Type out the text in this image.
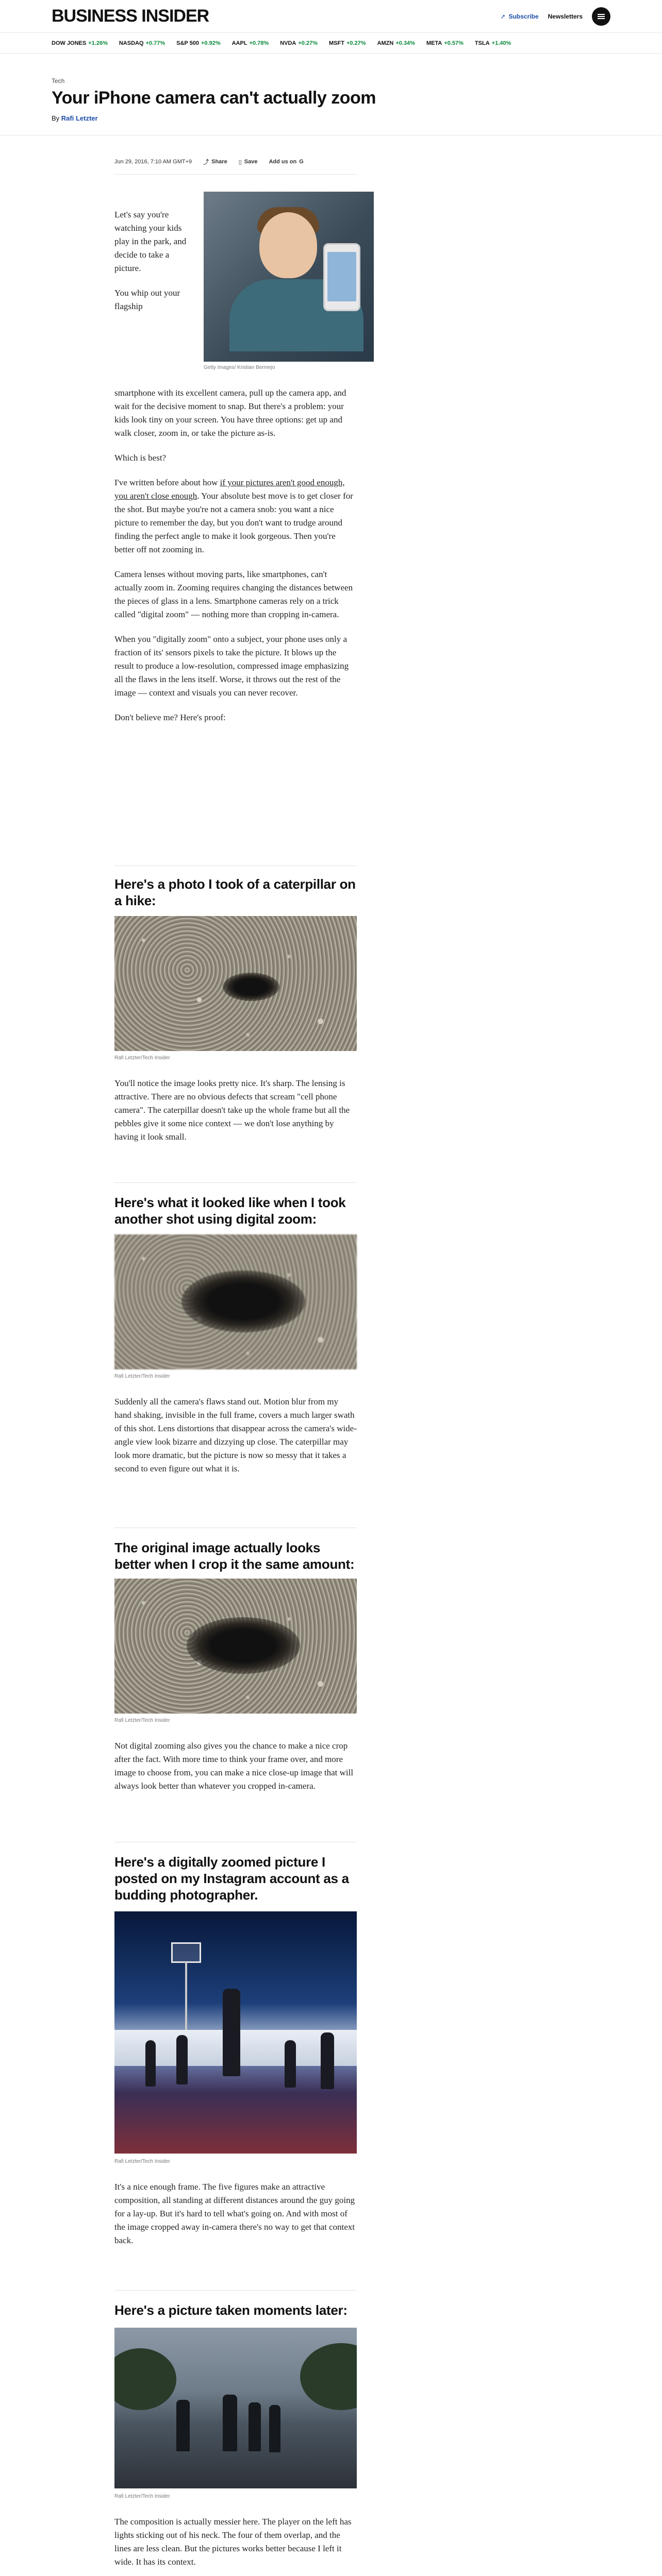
BUSINESS INSIDER	➚ Subscribe Newsletters
DOW JONES +1.26% NASDAQ +0.77% S&P 500 +0.92% AAPL +0.78% NVDA +0.27% MSFT +0.27% AMZN +0.34% META +0.57% TSLA +1.40%
Tech
Your iPhone camera can't actually zoom
By Rafi Letzter
Jun 29, 2016, 7:10 AM GMT+9 ⤴ Share ▯ Save Add us on G

Let's say you're watching your kids play in the park, and decide to take a picture.

You whip out your flagship

Getty Images/ Kristian Bermejo

smartphone with its excellent camera, pull up the camera app, and wait for the decisive moment to snap. But there's a problem: your kids look tiny on your screen. You have three options: get up and walk closer, zoom in, or take the picture as-is.

Which is best?

I've written before about how if your pictures aren't good enough, you aren't close enough. Your absolute best move is to get closer for the shot. But maybe you're not a camera snob: you want a nice picture to remember the day, but you don't want to trudge around finding the perfect angle to make it look gorgeous. Then you're better off not zooming in.

Camera lenses without moving parts, like smartphones, can't actually zoom in. Zooming requires changing the distances between the pieces of glass in a lens. Smartphone cameras rely on a trick called "digital zoom" — nothing more than cropping in-camera.

When you "digitally zoom" onto a subject, your phone uses only a fraction of its' sensors pixels to take the picture. It blows up the result to produce a low-resolution, compressed image emphasizing all the flaws in the lens itself. Worse, it throws out the rest of the image — context and visuals you can never recover.

Don't believe me? Here's proof:

Here's a photo I took of a caterpillar on a hike:
Rafi Letzter/Tech Insider

You'll notice the image looks pretty nice. It's sharp. The lensing is attractive. There are no obvious defects that scream "cell phone camera". The caterpillar doesn't take up the whole frame but all the pebbles give it some nice context — we don't lose anything by having it look small.

Here's what it looked like when I took another shot using digital zoom:
Rafi Letzter/Tech Insider

Suddenly all the camera's flaws stand out. Motion blur from my hand shaking, invisible in the full frame, covers a much larger swath of this shot. Lens distortions that disappear across the camera's wide-angle view look bizarre and dizzying up close. The caterpillar may look more dramatic, but the picture is now so messy that it takes a second to even figure out what it is.

The original image actually looks better when I crop it the same amount:
Rafi Letzter/Tech Insider

Not digital zooming also gives you the chance to make a nice crop after the fact. With more time to think your frame over, and more image to choose from, you can make a nice close-up image that will always look better than whatever you cropped in-camera.

Here's a digitally zoomed picture I posted on my Instagram account as a budding photographer.
Rafi Letzter/Tech Insider

It's a nice enough frame. The five figures make an attractive composition, all standing at different distances around the guy going for a lay-up. But it's hard to tell what's going on. And with most of the image cropped away in-camera there's no way to get that context back.

Here's a picture taken moments later:
Rafi Letzter/Tech Insider

The composition is actually messier here. The player on the left has lights sticking out of his neck. The four of them overlap, and the lines are less clean. But the pictures works better because I left it wide. It has its context.
